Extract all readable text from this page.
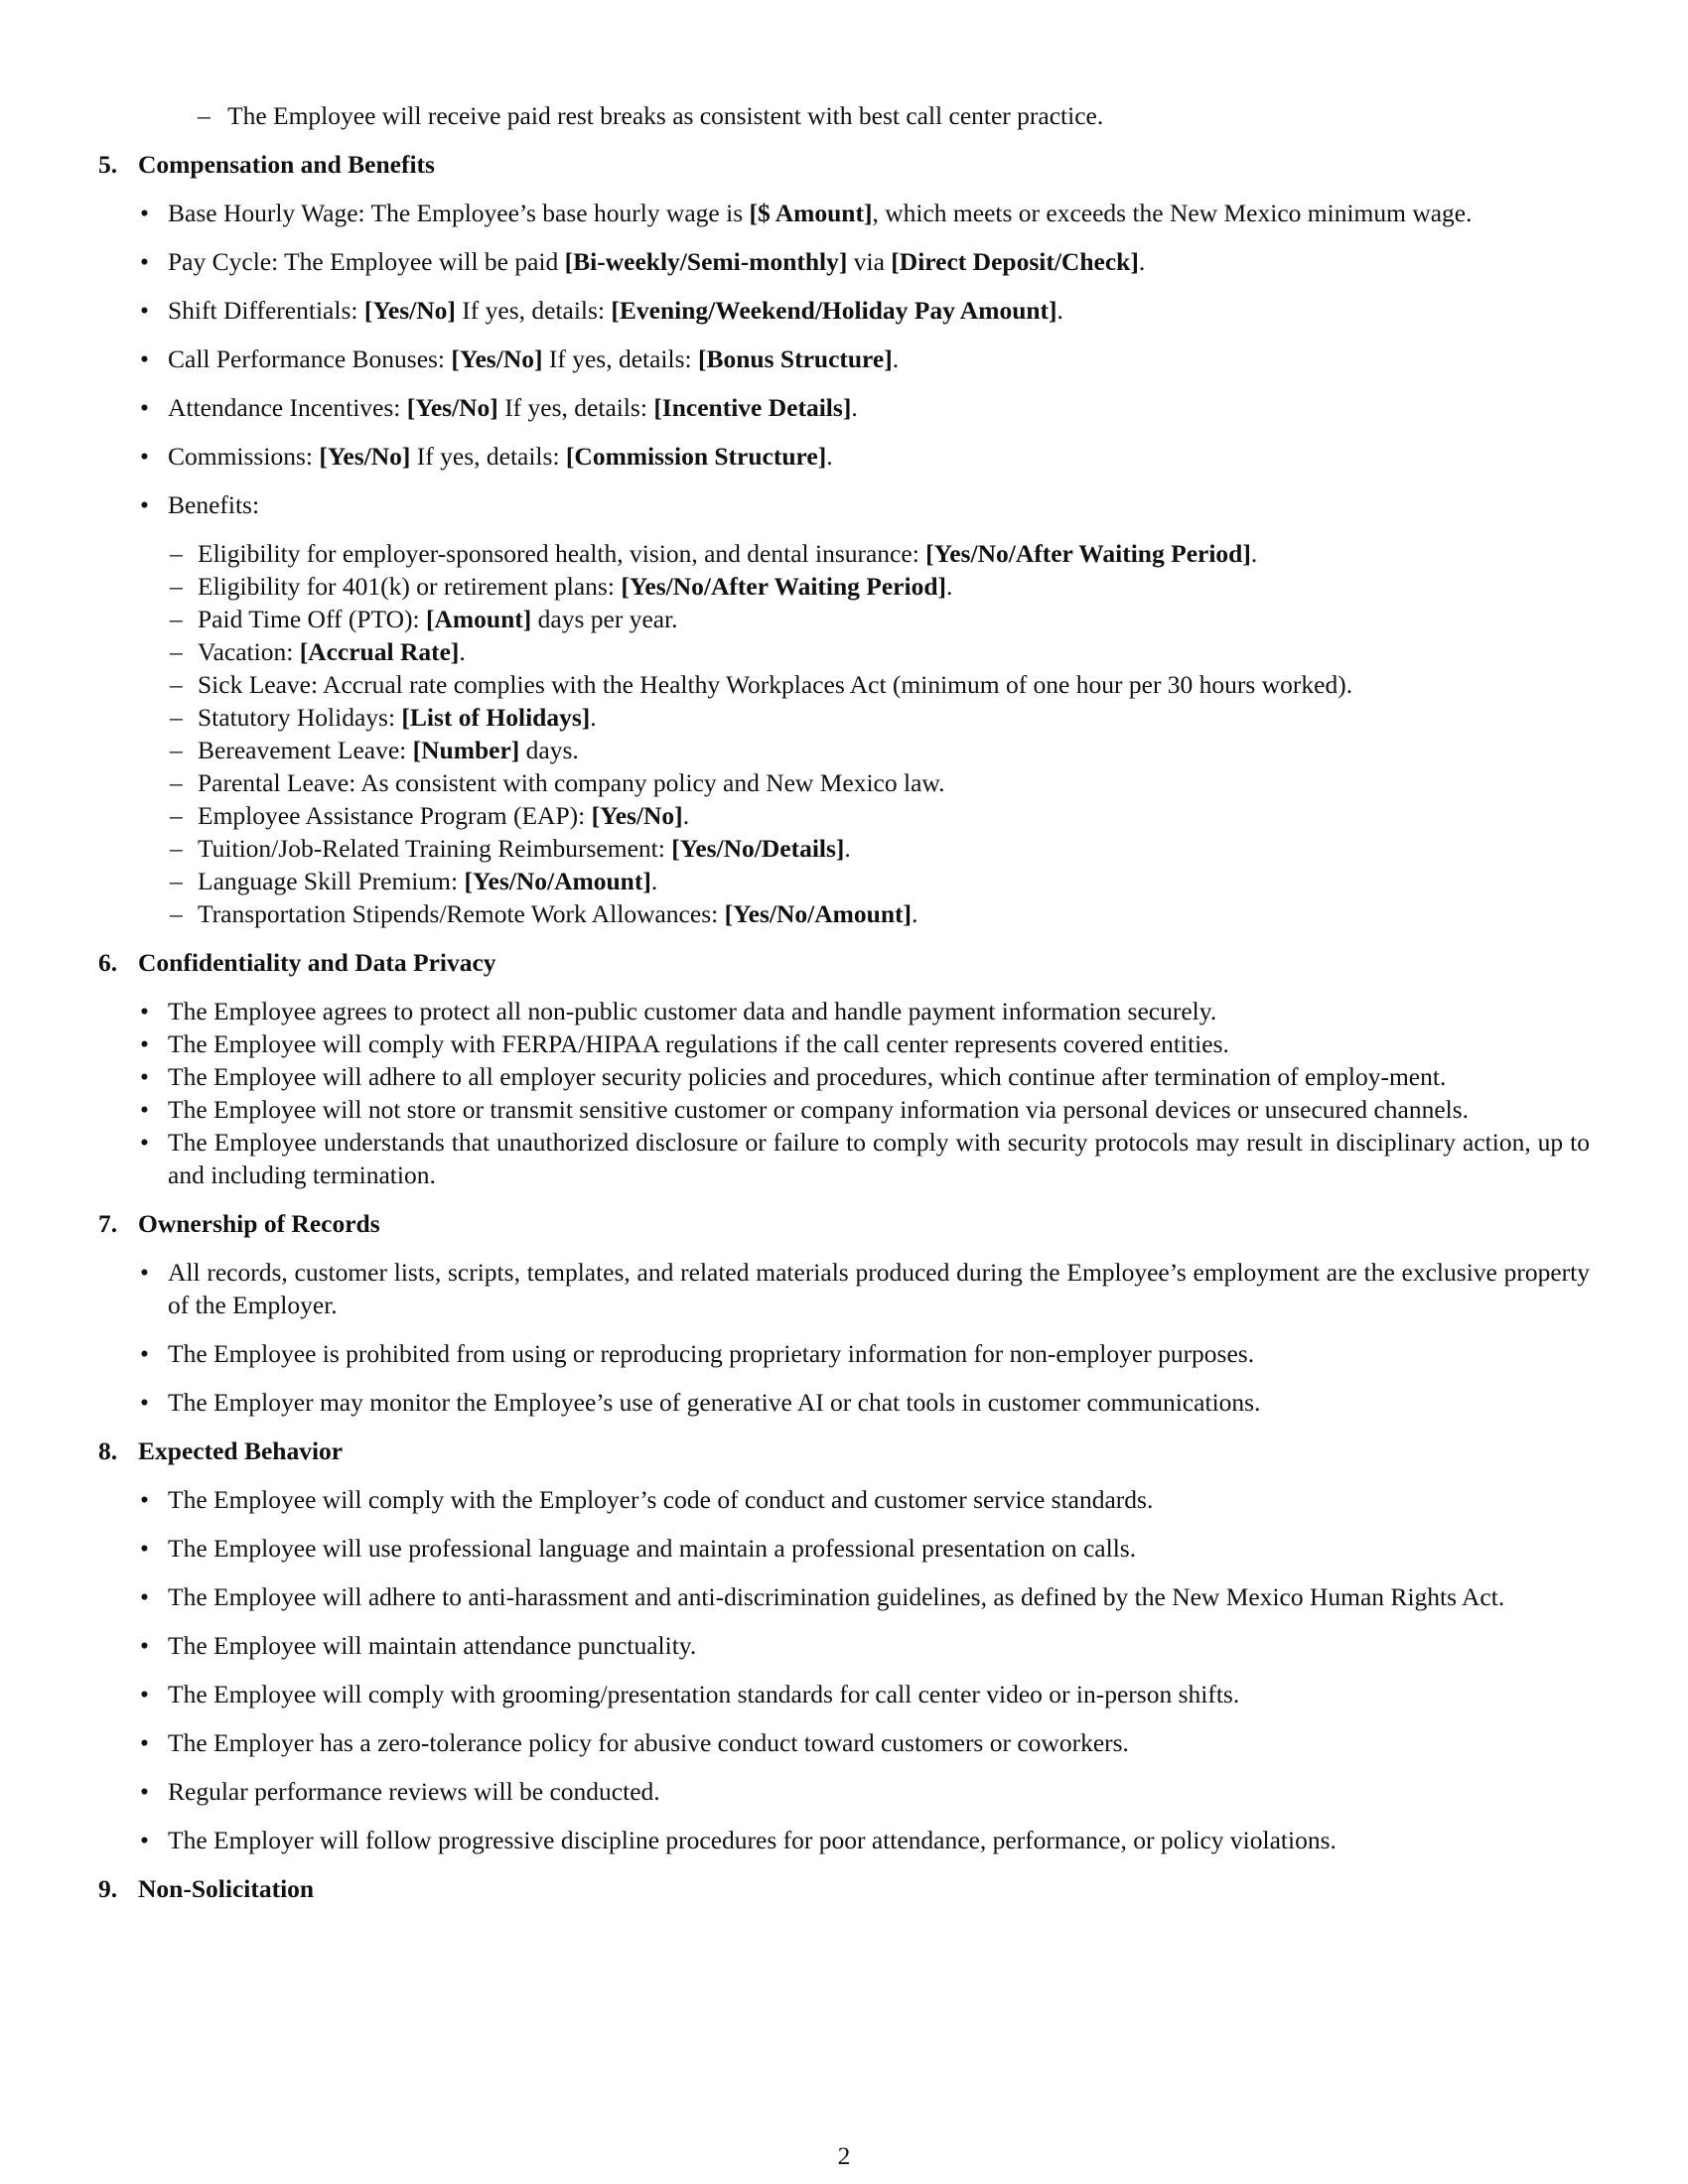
– The Employee will receive paid rest breaks as consistent with best call center practice.

5. Compensation and Benefits
• Base Hourly Wage: The Employee’s base hourly wage is [$ Amount], which meets or exceeds the New Mexico minimum wage.
• Pay Cycle: The Employee will be paid [Bi-weekly/Semi-monthly] via [Direct Deposit/Check].
• Shift Differentials: [Yes/No] If yes, details: [Evening/Weekend/Holiday Pay Amount].
• Call Performance Bonuses: [Yes/No] If yes, details: [Bonus Structure].
• Attendance Incentives: [Yes/No] If yes, details: [Incentive Details].
• Commissions: [Yes/No] If yes, details: [Commission Structure].
• Benefits:
– Eligibility for employer-sponsored health, vision, and dental insurance: [Yes/No/After Waiting Period].
– Eligibility for 401(k) or retirement plans: [Yes/No/After Waiting Period].
– Paid Time Off (PTO): [Amount] days per year.
– Vacation: [Accrual Rate].
– Sick Leave: Accrual rate complies with the Healthy Workplaces Act (minimum of one hour per 30 hours worked).
– Statutory Holidays: [List of Holidays].
– Bereavement Leave: [Number] days.
– Parental Leave: As consistent with company policy and New Mexico law.
– Employee Assistance Program (EAP): [Yes/No].
– Tuition/Job-Related Training Reimbursement: [Yes/No/Details].
– Language Skill Premium: [Yes/No/Amount].
– Transportation Stipends/Remote Work Allowances: [Yes/No/Amount].
6. Confidentiality and Data Privacy
• The Employee agrees to protect all non-public customer data and handle payment information securely.
• The Employee will comply with FERPA/HIPAA regulations if the call center represents covered entities.
• The Employee will adhere to all employer security policies and procedures, which continue after termination of employ-ment.
• The Employee will not store or transmit sensitive customer or company information via personal devices or unsecured channels.
• The Employee understands that unauthorized disclosure or failure to comply with security protocols may result in disciplinary action, up to and including termination.
7. Ownership of Records
• All records, customer lists, scripts, templates, and related materials produced during the Employee’s employment are the exclusive property of the Employer.
• The Employee is prohibited from using or reproducing proprietary information for non-employer purposes.
• The Employer may monitor the Employee’s use of generative AI or chat tools in customer communications.
8. Expected Behavior
• The Employee will comply with the Employer’s code of conduct and customer service standards.
• The Employee will use professional language and maintain a professional presentation on calls.
• The Employee will adhere to anti-harassment and anti-discrimination guidelines, as defined by the New Mexico Human Rights Act.
• The Employee will maintain attendance punctuality.
• The Employee will comply with grooming/presentation standards for call center video or in-person shifts.
• The Employer has a zero-tolerance policy for abusive conduct toward customers or coworkers.
• Regular performance reviews will be conducted.
• The Employer will follow progressive discipline procedures for poor attendance, performance, or policy violations.
9. Non-Solicitation
2
